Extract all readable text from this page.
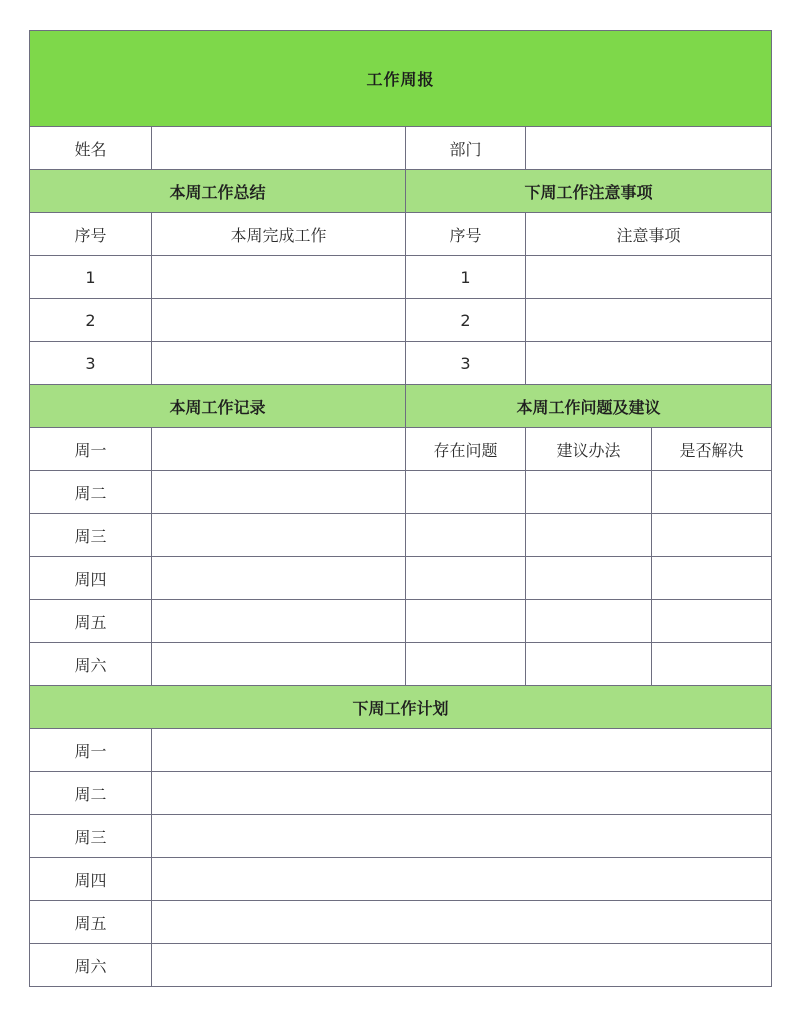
工作周报				
姓名		部门		
本周工作总结		下周工作注意事项		
序号	本周完成工作	序号	注意事项	
1		1		
2		2		
3		3		
本周工作记录		本周工作问题及建议		
周一		存在问题	建议办法	是否解决
周二				
周三				
周四				
周五				
周六				
下周工作计划				
周一				
周二				
周三				
周四				
周五				
周六				
